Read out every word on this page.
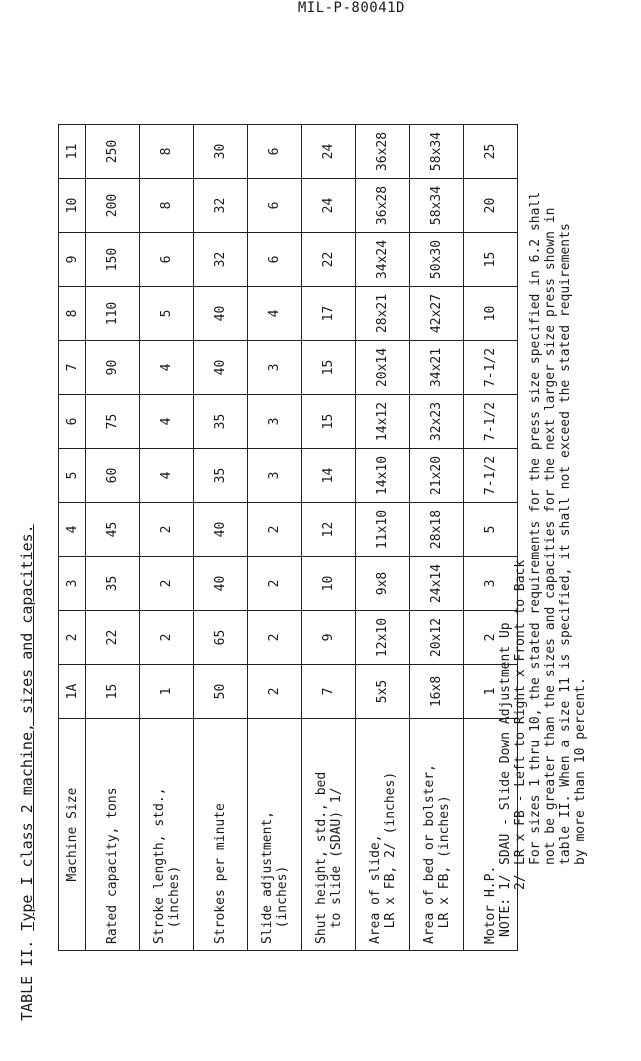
MIL-P-80041D
TABLE II. Type I class 2 machine, sizes and capacities. Machine Size	1A	2	3	4	5	6	7	8	9	10	11

Rated capacity, tons	15	22	35	45	60	75	90	110	150	200	250

Stroke length, std., (inches)	1	2	2	2	4	4	4	5	6	8	8

Strokes per minute	50	65	40	40	35	35	40	40	32	32	30

Slide adjustment, (inches)	2	2	2	2	3	3	3	4	6	6	6

Shut height, std., bed to slide (SDAU) 1/	7	9	10	12	14	15	15	17	22	24	24

Area of slide, LR x FB, 2/ (inches)	5x5	12x10	9x8	11x10	14x10	14x12	20x14	28x21	34x24	36x28	36x28

Area of bed or bolster, LR x FB, (inches)	16x8	20x12	24x14	28x18	21x20	32x23	34x21	42x27	50x30	58x34	58x34

Motor H.P.	1	2	3	5	7-1/2	7-1/2	7-1/2	10	15	20	25
NOTE: 1/
SDAU - Slide Down Adjustment Up
2/
LR x FB - Left to Right x Front to Back For sizes 1 thru 10, the stated requirements for the press size specified in 6.2 shall not be greater than the sizes and capacities for the next larger size press shown in table II. When a size 11 is specified, it shall not exceed the stated requirements by more than 10 percent.
